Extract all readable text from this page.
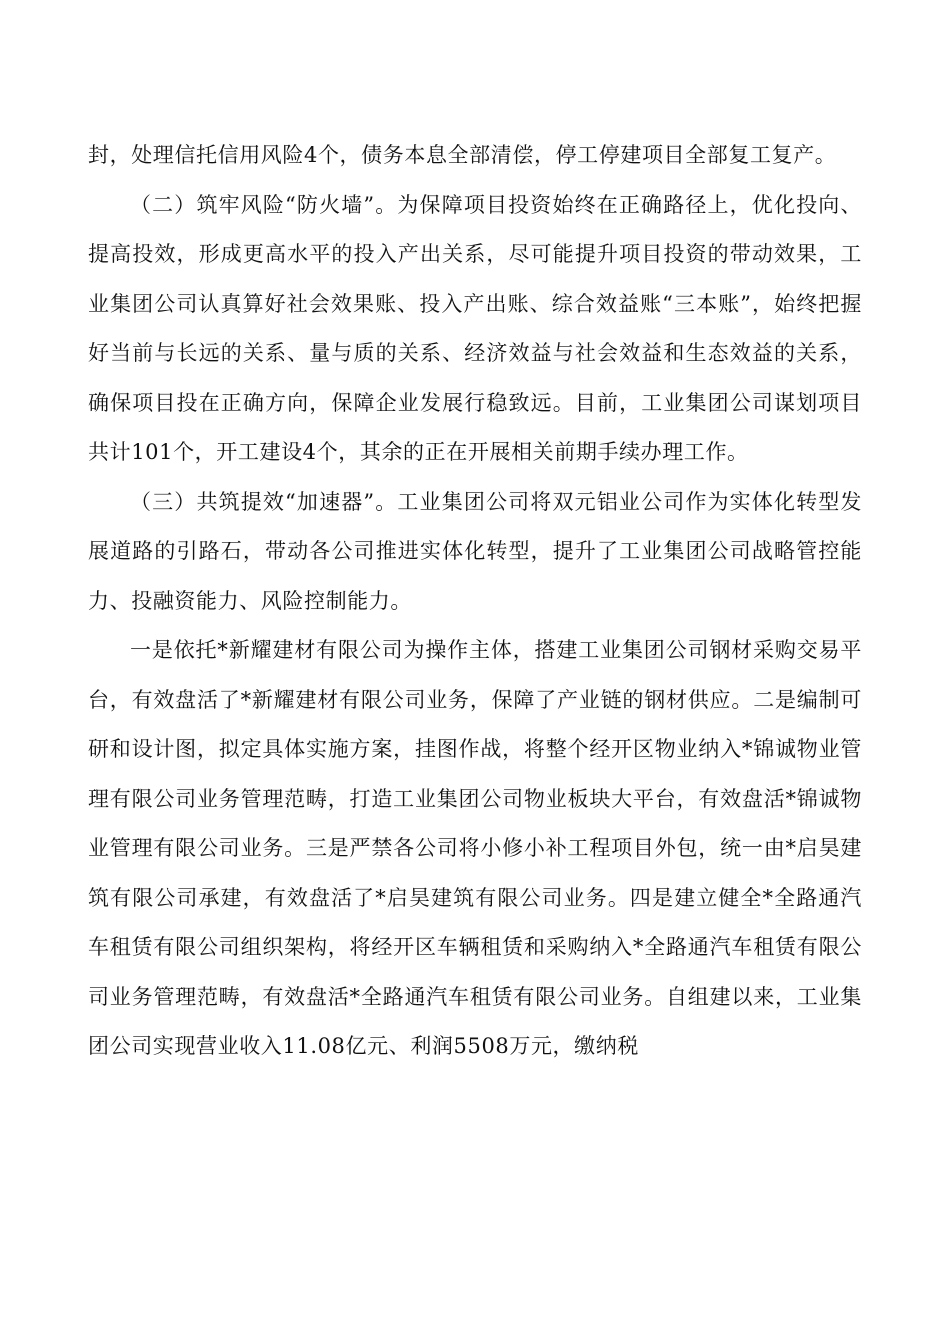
封，处理信托信用风险4个，债务本息全部清偿，停工停建项目全部复工复产。

（二）筑牢风险“防火墙”。为保障项目投资始终在正确路径上，优化投向、提高投效，形成更高水平的投入产出关系，尽可能提升项目投资的带动效果，工业集团公司认真算好社会效果账、投入产出账、综合效益账“三本账”，始终把握好当前与长远的关系、量与质的关系、经济效益与社会效益和生态效益的关系，确保项目投在正确方向，保障企业发展行稳致远。目前，工业集团公司谋划项目共计101个，开工建设4个，其余的正在开展相关前期手续办理工作。

（三）共筑提效“加速器”。工业集团公司将双元铝业公司作为实体化转型发展道路的引路石，带动各公司推进实体化转型，提升了工业集团公司战略管控能力、投融资能力、风险控制能力。

一是依托*新耀建材有限公司为操作主体，搭建工业集团公司钢材采购交易平台，有效盘活了*新耀建材有限公司业务，保障了产业链的钢材供应。二是编制可研和设计图，拟定具体实施方案，挂图作战，将整个经开区物业纳入*锦诚物业管理有限公司业务管理范畴，打造工业集团公司物业板块大平台，有效盘活*锦诚物业管理有限公司业务。三是严禁各公司将小修小补工程项目外包，统一由*启昊建筑有限公司承建，有效盘活了*启昊建筑有限公司业务。四是建立健全*全路通汽车租赁有限公司组织架构，将经开区车辆租赁和采购纳入*全路通汽车租赁有限公司业务管理范畴，有效盘活*全路通汽车租赁有限公司业务。自组建以来，工业集团公司实现营业收入11.08亿元、利润5508万元，缴纳税
